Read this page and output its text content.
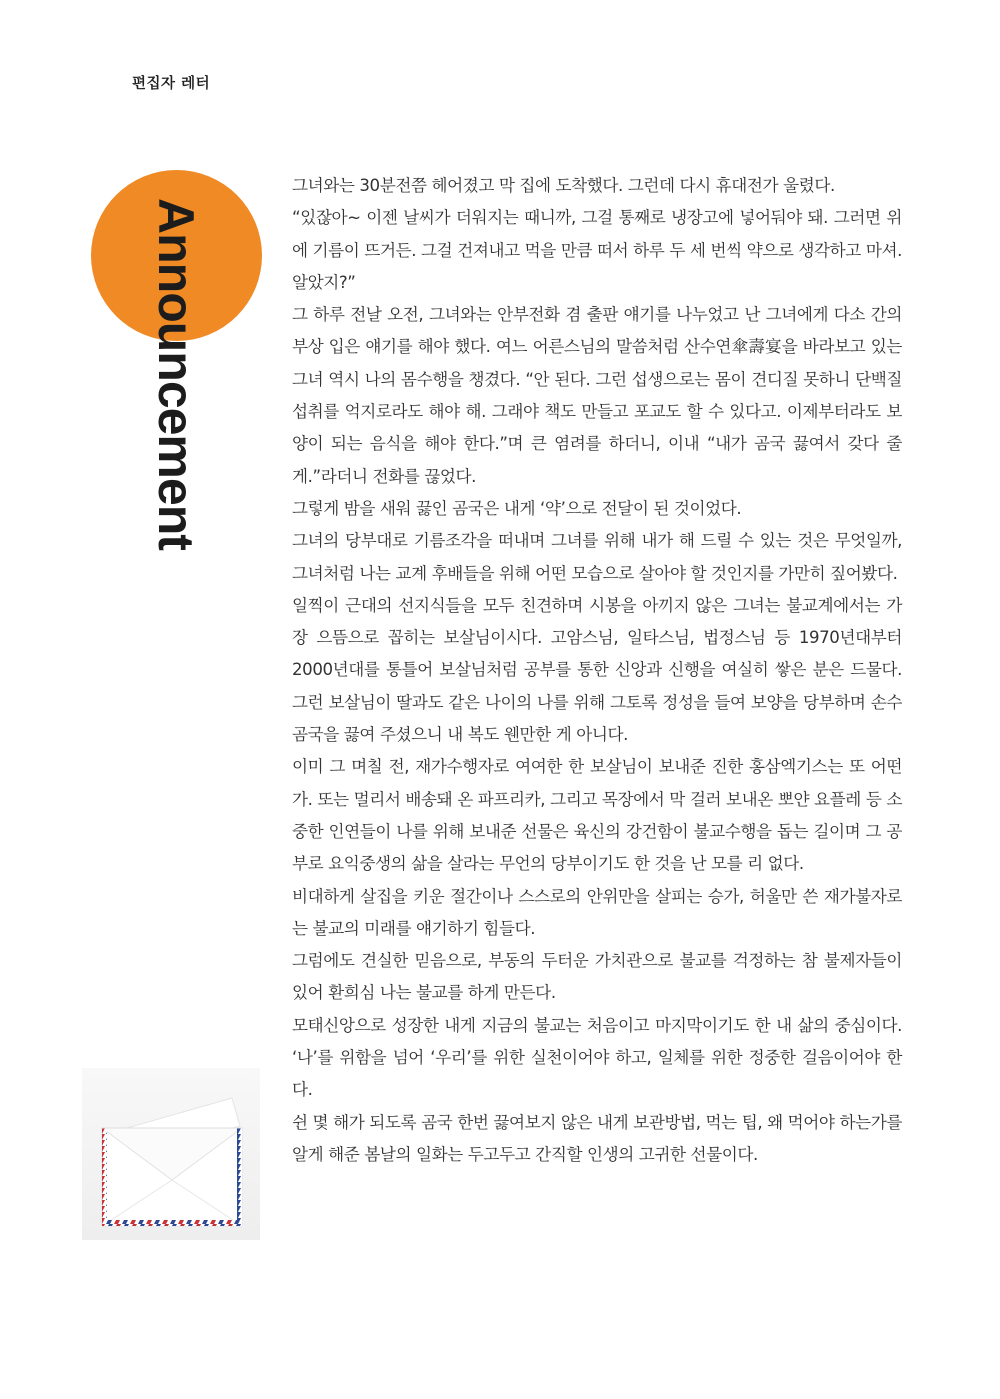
편집자 레터
Announcement

그녀와는 30분전쯤 헤어졌고 막 집에 도착했다. 그런데 다시 휴대전가 울렸다.

“있잖아~ 이젠 날씨가 더워지는 때니까, 그걸 통째로 냉장고에 넣어둬야 돼. 그러면 위에 기름이 뜨거든. 그걸 건져내고 먹을 만큼 떠서 하루 두 세 번씩 약으로 생각하고 마셔. 알았지?”

그 하루 전날 오전, 그녀와는 안부전화 겸 출판 얘기를 나누었고 난 그녀에게 다소 간의 부상 입은 얘기를 해야 했다. 여느 어른스님의 말씀처럼 산수연傘壽宴을 바라보고 있는 그녀 역시 나의 몸수행을 챙겼다. “안 된다. 그런 섭생으로는 몸이 견디질 못하니 단백질 섭취를 억지로라도 해야 해. 그래야 책도 만들고 포교도 할 수 있다고. 이제부터라도 보양이 되는 음식을 해야 한다.”며 큰 염려를 하더니, 이내 “내가 곰국 끓여서 갖다 줄게.”라더니 전화를 끊었다.

그렇게 밤을 새워 끓인 곰국은 내게 ‘약’으로 전달이 된 것이었다.

그녀의 당부대로 기름조각을 떠내며 그녀를 위해 내가 해 드릴 수 있는 것은 무엇일까, 그녀처럼 나는 교계 후배들을 위해 어떤 모습으로 살아야 할 것인지를 가만히 짚어봤다.

일찍이 근대의 선지식들을 모두 친견하며 시봉을 아끼지 않은 그녀는 불교계에서는 가장 으뜸으로 꼽히는 보살님이시다. 고암스님, 일타스님, 법정스님 등 1970년대부터 2000년대를 통틀어 보살님처럼 공부를 통한 신앙과 신행을 여실히 쌓은 분은 드물다. 그런 보살님이 딸과도 같은 나이의 나를 위해 그토록 정성을 들여 보양을 당부하며 손수 곰국을 끓여 주셨으니 내 복도 웬만한 게 아니다.

이미 그 며칠 전, 재가수행자로 여여한 한 보살님이 보내준 진한 홍삼엑기스는 또 어떤가. 또는 멀리서 배송돼 온 파프리카, 그리고 목장에서 막 걸러 보내온 뽀얀 요플레 등 소중한 인연들이 나를 위해 보내준 선물은 육신의 강건함이 불교수행을 돕는 길이며 그 공부로 요익중생의 삶을 살라는 무언의 당부이기도 한 것을 난 모를 리 없다.

비대하게 살집을 키운 절간이나 스스로의 안위만을 살피는 승가, 허울만 쓴 재가불자로는 불교의 미래를 얘기하기 힘들다.

그럼에도 견실한 믿음으로, 부동의 두터운 가치관으로 불교를 걱정하는 참 불제자들이 있어 환희심 나는 불교를 하게 만든다.

모태신앙으로 성장한 내게 지금의 불교는 처음이고 마지막이기도 한 내 삶의 중심이다. ‘나’를 위함을 넘어 ‘우리’를 위한 실천이어야 하고, 일체를 위한 정중한 걸음이어야 한다.

쉰 몇 해가 되도록 곰국 한번 끓여보지 않은 내게 보관방법, 먹는 팁, 왜 먹어야 하는가를 알게 해준 봄날의 일화는 두고두고 간직할 인생의 고귀한 선물이다.
